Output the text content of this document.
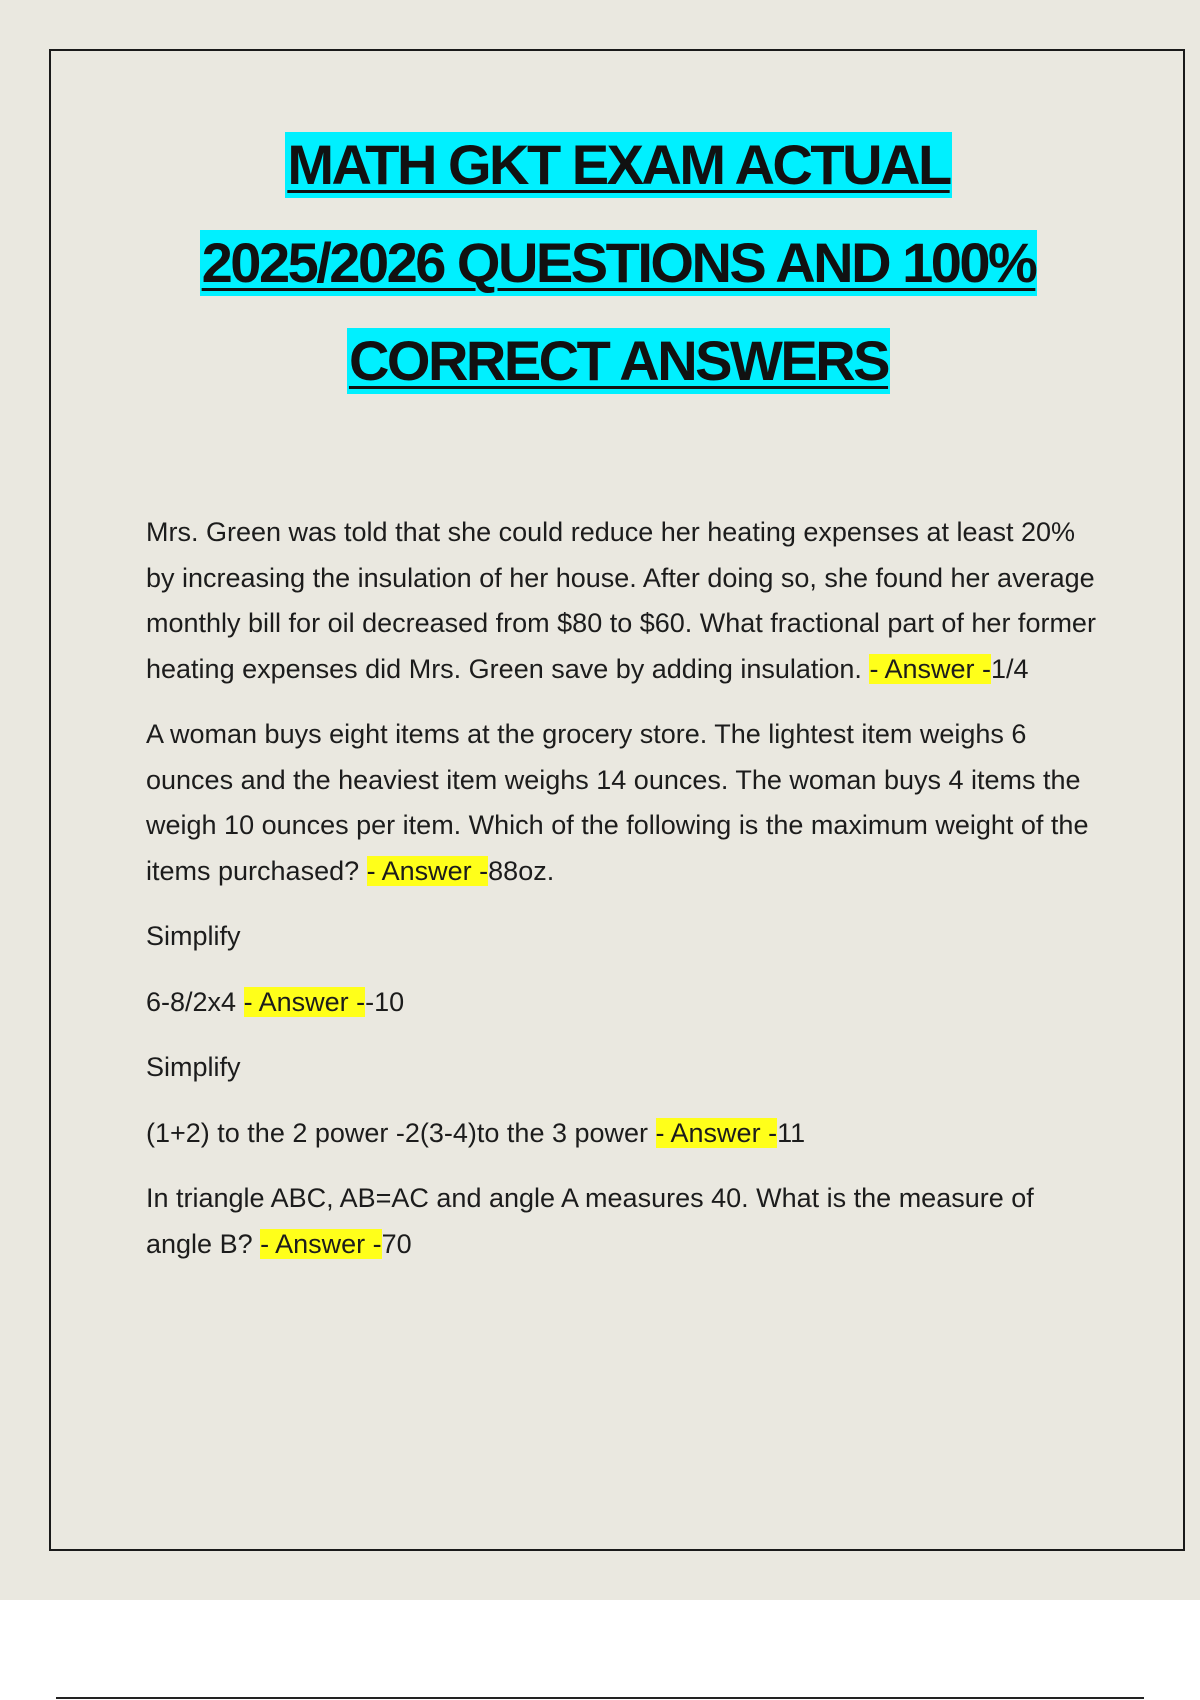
MATH GKT EXAM ACTUAL
2025/2026 QUESTIONS AND 100%
CORRECT ANSWERS

Mrs. Green was told that she could reduce her heating expenses at least 20% by increasing the insulation of her house. After doing so, she found her average monthly bill for oil decreased from $80 to $60. What fractional part of her former heating expenses did Mrs. Green save by adding insulation. - Answer -1/4

A woman buys eight items at the grocery store. The lightest item weighs 6 ounces and the heaviest item weighs 14 ounces. The woman buys 4 items the weigh 10 ounces per item. Which of the following is the maximum weight of the items purchased? - Answer -88oz.

Simplify

6-8/2x4 - Answer --10

Simplify

(1+2) to the 2 power -2(3-4)to the 3 power - Answer -11

In triangle ABC, AB=AC and angle A measures 40. What is the measure of angle B? - Answer -70
